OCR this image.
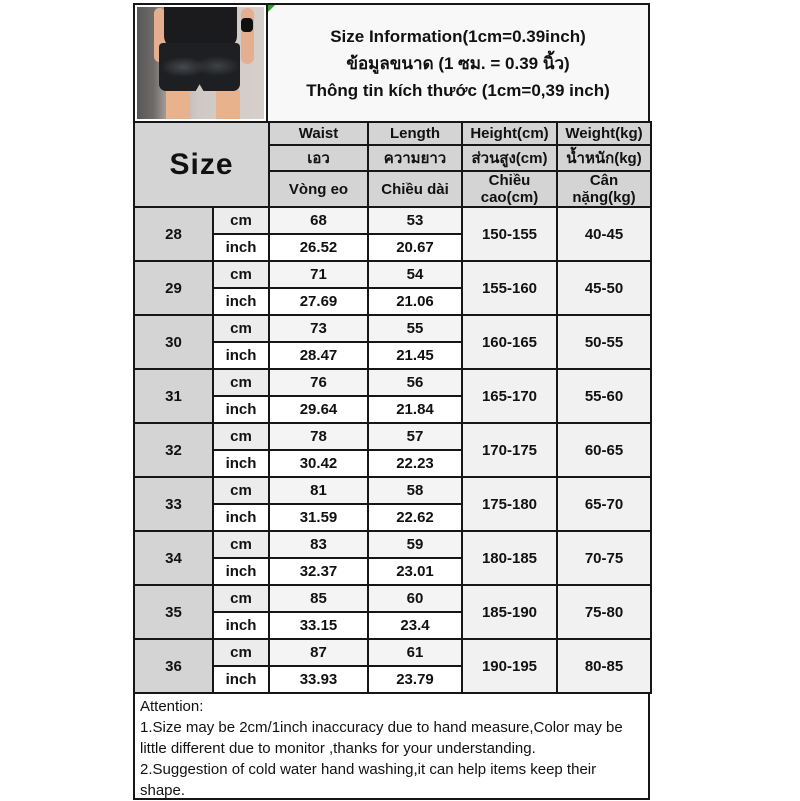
Size Information(1cm=0.39inch)
ข้อมูลขนาด (1 ซม. = 0.39 นิ้ว)
Thông tin kích thước (1cm=0,39 inch)
Size		Waist	Length	Height(cm)	Weight(kg)
		เอว	ความยาว	ส่วนสูง(cm)	น้ำหนัก(kg)
		Vòng eo	Chiều dài	Chiều cao(cm)	Cân nặng(kg)
28	cm	68	53	150-155	40-45
	inch	26.52	20.67		
29	cm	71	54	155-160	45-50
	inch	27.69	21.06		
30	cm	73	55	160-165	50-55
	inch	28.47	21.45		
31	cm	76	56	165-170	55-60
	inch	29.64	21.84		
32	cm	78	57	170-175	60-65
	inch	30.42	22.23		
33	cm	81	58	175-180	65-70
	inch	31.59	22.62		
34	cm	83	59	180-185	70-75
	inch	32.37	23.01		
35	cm	85	60	185-190	75-80
	inch	33.15	23.4		
36	cm	87	61	190-195	80-85
	inch	33.93	23.79		
Attention:
1.Size may be 2cm/1inch inaccuracy due to hand measure,Color may be little different due to monitor ,thanks for your understanding.
2.Suggestion of cold water hand washing,it can help items keep their shape.
